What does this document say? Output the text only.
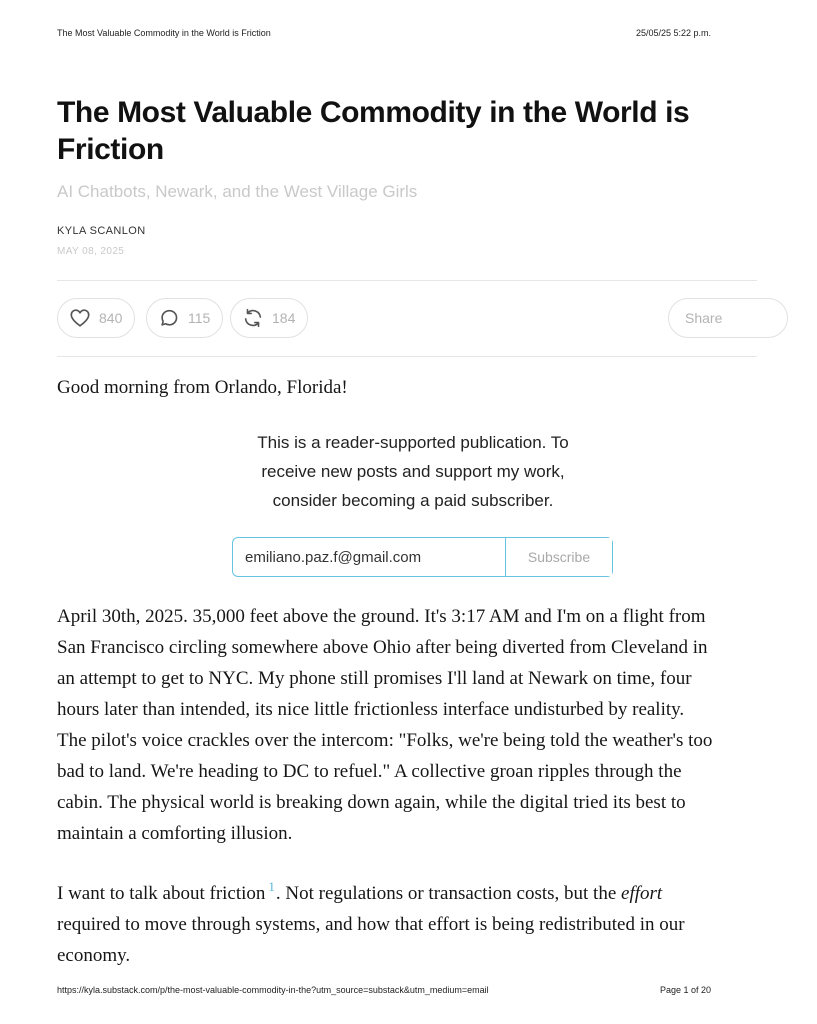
The Most Valuable Commodity in the World is Friction	25/05/25 5:22 p.m.
The Most Valuable Commodity in the World is
Friction
AI Chatbots, Newark, and the West Village Girls
KYLA SCANLON
MAY 08, 2025
840	115	184	Share
Good morning from Orlando, Florida!
This is a reader-supported publication. To
receive new posts and support my work,
consider becoming a paid subscriber.
emiliano.paz.f@gmail.com
Subscribe

April 30th, 2025. 35,000 feet above the ground. It's 3:17 AM and I'm on a flight from
San Francisco circling somewhere above Ohio after being diverted from Cleveland in
an attempt to get to NYC. My phone still promises I'll land at Newark on time, four
hours later than intended, its nice little frictionless interface undisturbed by reality.
The pilot's voice crackles over the intercom: "Folks, we're being told the weather's too
bad to land. We're heading to DC to refuel." A collective groan ripples through the
cabin. The physical world is breaking down again, while the digital tried its best to
maintain a comforting illusion.

I want to talk about friction $^1$. Not regulations or transaction costs, but the effort
required to move through systems, and how that effort is being redistributed in our
economy.

https://kyla.substack.com/p/the-most-valuable-commodity-in-the?utm_source=substack&utm_medium=email	Page 1 of 20
